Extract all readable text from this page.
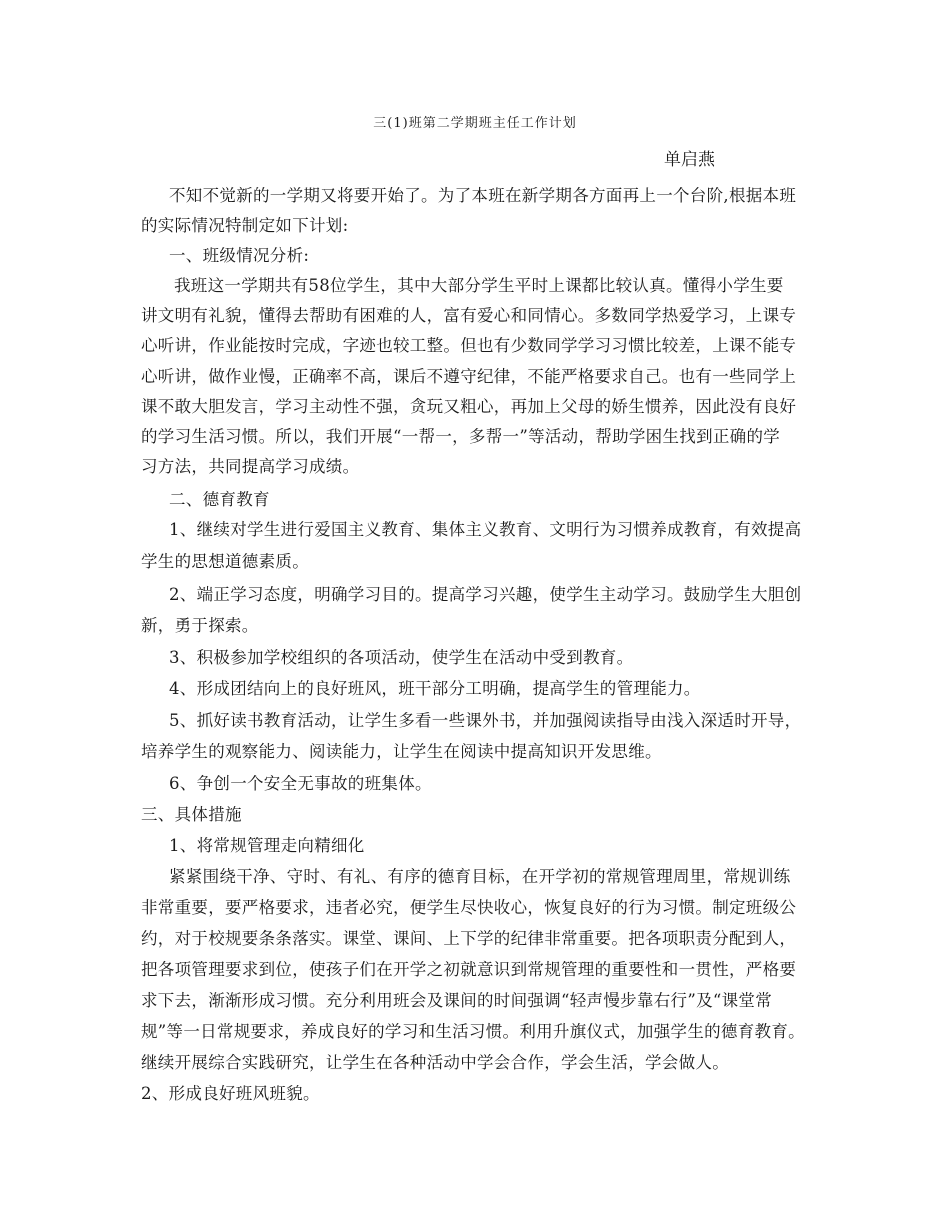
三(1)班第二学期班主任工作计划
单启燕
不知不觉新的一学期又将要开始了。为了本班在新学期各方面再上一个台阶,根据本班
的实际情况特制定如下计划:
一、班级情况分析:
我班这一学期共有58位学生，其中大部分学生平时上课都比较认真。懂得小学生要
讲文明有礼貌，懂得去帮助有困难的人，富有爱心和同情心。多数同学热爱学习，上课专
心听讲，作业能按时完成，字迹也较工整。但也有少数同学学习习惯比较差，上课不能专
心听讲，做作业慢，正确率不高，课后不遵守纪律，不能严格要求自己。也有一些同学上
课不敢大胆发言，学习主动性不强，贪玩又粗心，再加上父母的娇生惯养，因此没有良好
的学习生活习惯。所以，我们开展“一帮一，多帮一”等活动，帮助学困生找到正确的学
习方法，共同提高学习成绩。
二、德育教育
1、继续对学生进行爱国主义教育、集体主义教育、文明行为习惯养成教育，有效提高
学生的思想道德素质。
2、端正学习态度，明确学习目的。提高学习兴趣，使学生主动学习。鼓励学生大胆创
新，勇于探索。
3、积极参加学校组织的各项活动，使学生在活动中受到教育。
4、形成团结向上的良好班风，班干部分工明确，提高学生的管理能力。
5、抓好读书教育活动，让学生多看一些课外书，并加强阅读指导由浅入深适时开导，
培养学生的观察能力、阅读能力，让学生在阅读中提高知识开发思维。
6、争创一个安全无事故的班集体。
三、具体措施
1、将常规管理走向精细化
紧紧围绕干净、守时、有礼、有序的德育目标，在开学初的常规管理周里，常规训练
非常重要，要严格要求，违者必究，便学生尽快收心，恢复良好的行为习惯。制定班级公
约，对于校规要条条落实。课堂、课间、上下学的纪律非常重要。把各项职责分配到人，
把各项管理要求到位，使孩子们在开学之初就意识到常规管理的重要性和一贯性，严格要
求下去，渐渐形成习惯。充分利用班会及课间的时间强调“轻声慢步靠右行”及“课堂常
规”等一日常规要求，养成良好的学习和生活习惯。利用升旗仪式，加强学生的德育教育。
继续开展综合实践研究，让学生在各种活动中学会合作，学会生活，学会做人。
2、形成良好班风班貌。
